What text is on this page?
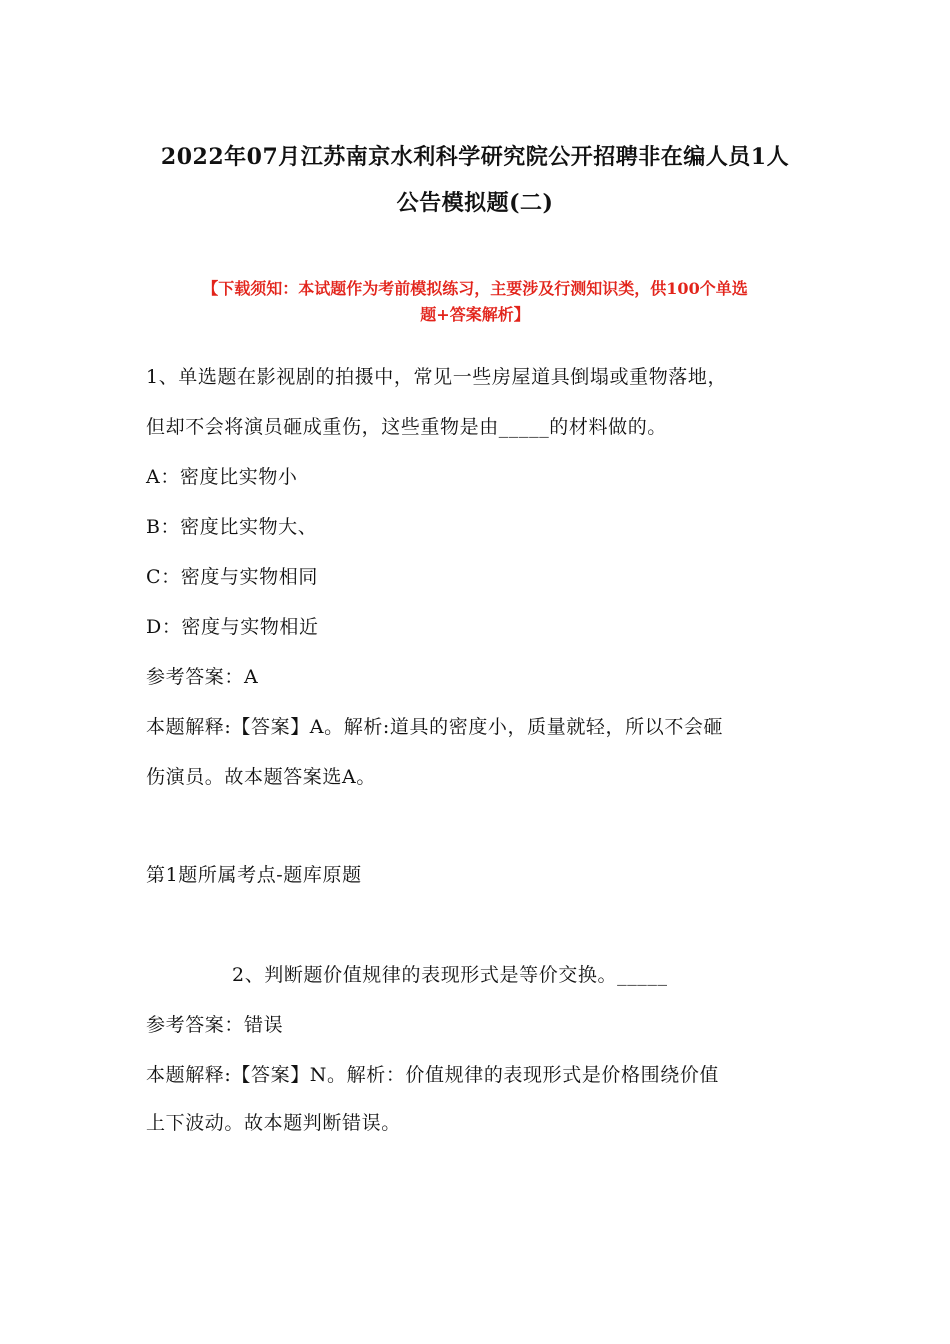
2022年07月江苏南京水利科学研究院公开招聘非在编人员1人
公告模拟题(二)
【下载须知：本试题作为考前模拟练习，主要涉及行测知识类，供100个单选
题+答案解析】
1、单选题在影视剧的拍摄中，常见一些房屋道具倒塌或重物落地，
但却不会将演员砸成重伤，这些重物是由_____的材料做的。
A：密度比实物小
B：密度比实物大、
C：密度与实物相同
D：密度与实物相近
参考答案：A
本题解释:【答案】A。解析:道具的密度小，质量就轻，所以不会砸
伤演员。故本题答案选A。
第1题所属考点-题库原题
2、判断题价值规律的表现形式是等价交换。_____
参考答案：错误
本题解释:【答案】N。解析：价值规律的表现形式是价格围绕价值
上下波动。故本题判断错误。
